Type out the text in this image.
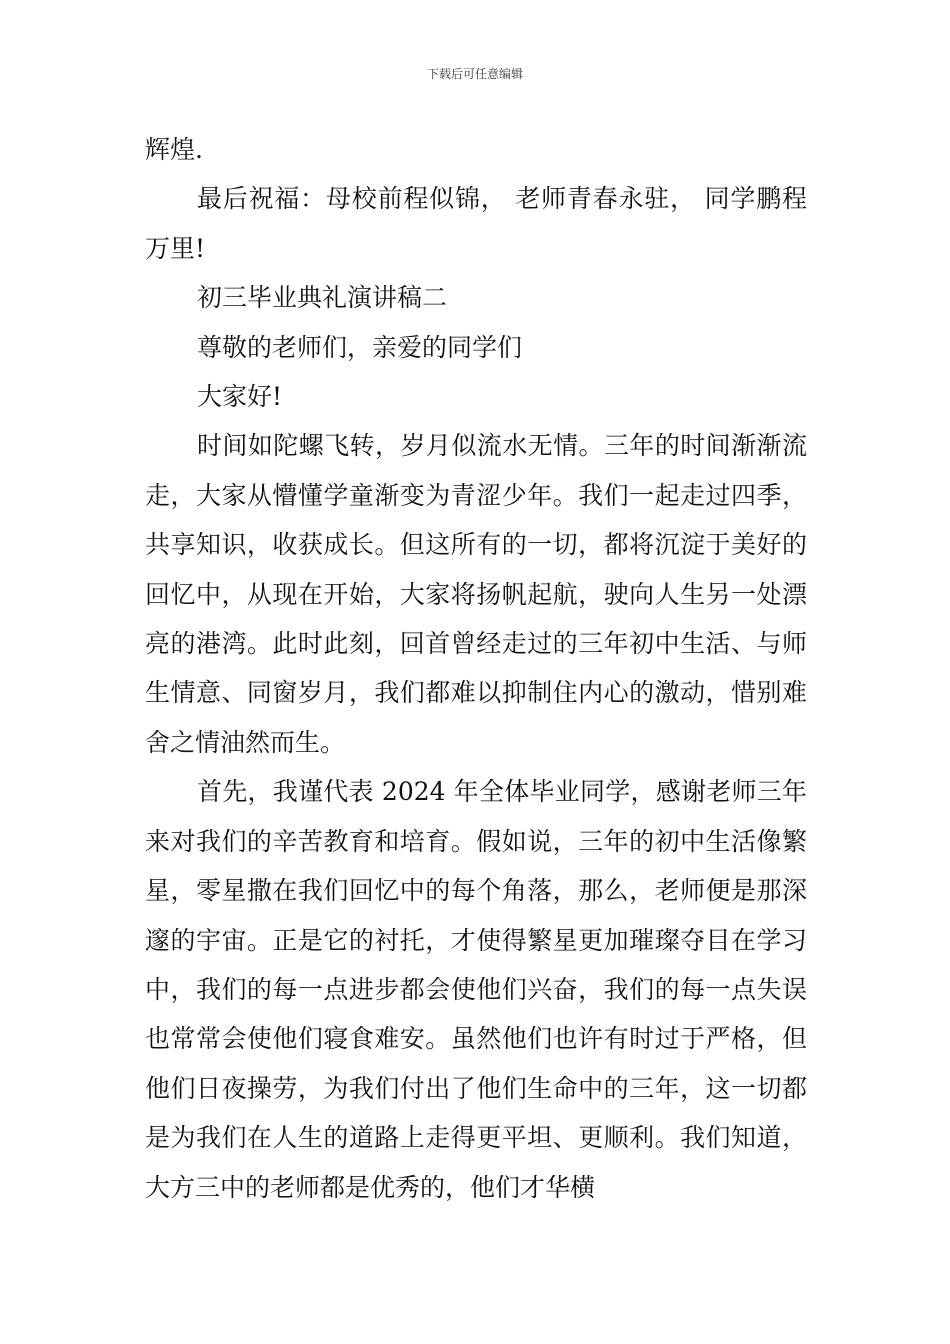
下载后可任意编辑

辉煌.

最后祝福：母校前程似锦， 老师青春永驻， 同学鹏程万里!

初三毕业典礼演讲稿二

尊敬的老师们，亲爱的同学们

大家好!

时间如陀螺飞转，岁月似流水无情。三年的时间渐渐流走，大家从懵懂学童渐变为青涩少年。我们一起走过四季，共享知识，收获成长。但这所有的一切，都将沉淀于美好的回忆中，从现在开始，大家将扬帆起航，驶向人生另一处漂亮的港湾。此时此刻，回首曾经走过的三年初中生活、与师生情意、同窗岁月，我们都难以抑制住内心的激动，惜别难舍之情油然而生。

首先，我谨代表 2024 年全体毕业同学，感谢老师三年来对我们的辛苦教育和培育。假如说，三年的初中生活像繁星，零星撒在我们回忆中的每个角落，那么，老师便是那深邃的宇宙。正是它的衬托，才使得繁星更加璀璨夺目在学习中，我们的每一点进步都会使他们兴奋，我们的每一点失误也常常会使他们寝食难安。虽然他们也许有时过于严格，但他们日夜操劳，为我们付出了他们生命中的三年，这一切都是为我们在人生的道路上走得更平坦、更顺利。我们知道，大方三中的老师都是优秀的，他们才华横
